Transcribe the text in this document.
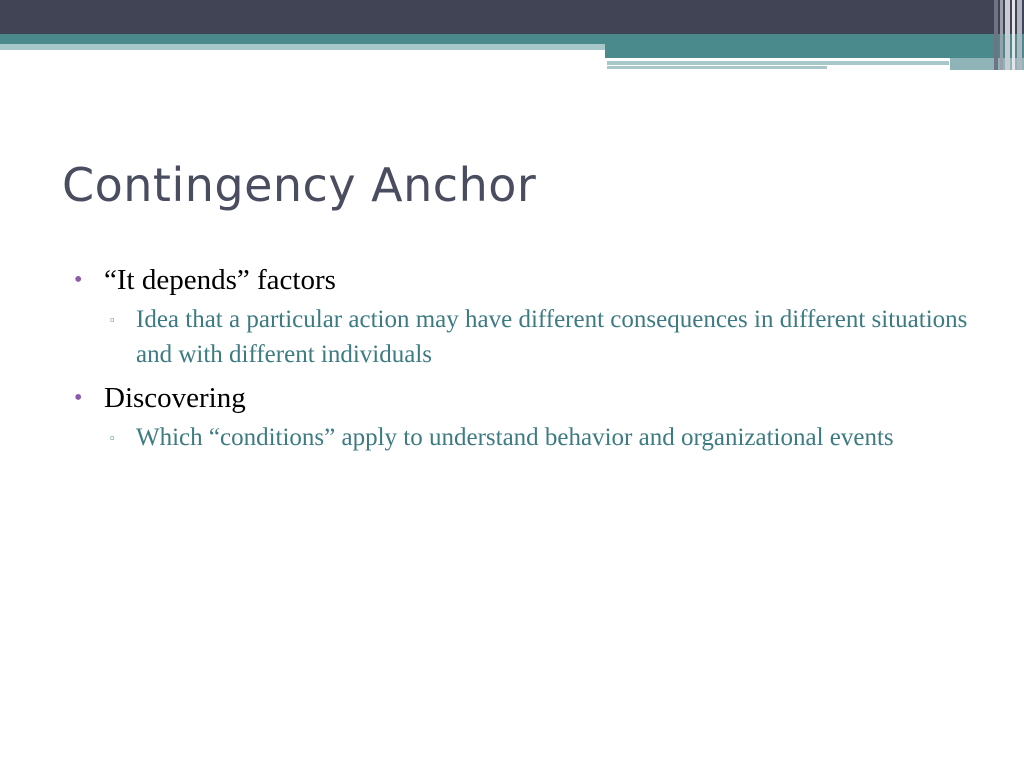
Contingency Anchor
• “It depends” factors
▫ Idea that a particular action may have different consequences in different situations and with different individuals
• Discovering
▫ Which “conditions” apply to understand behavior and organizational events
